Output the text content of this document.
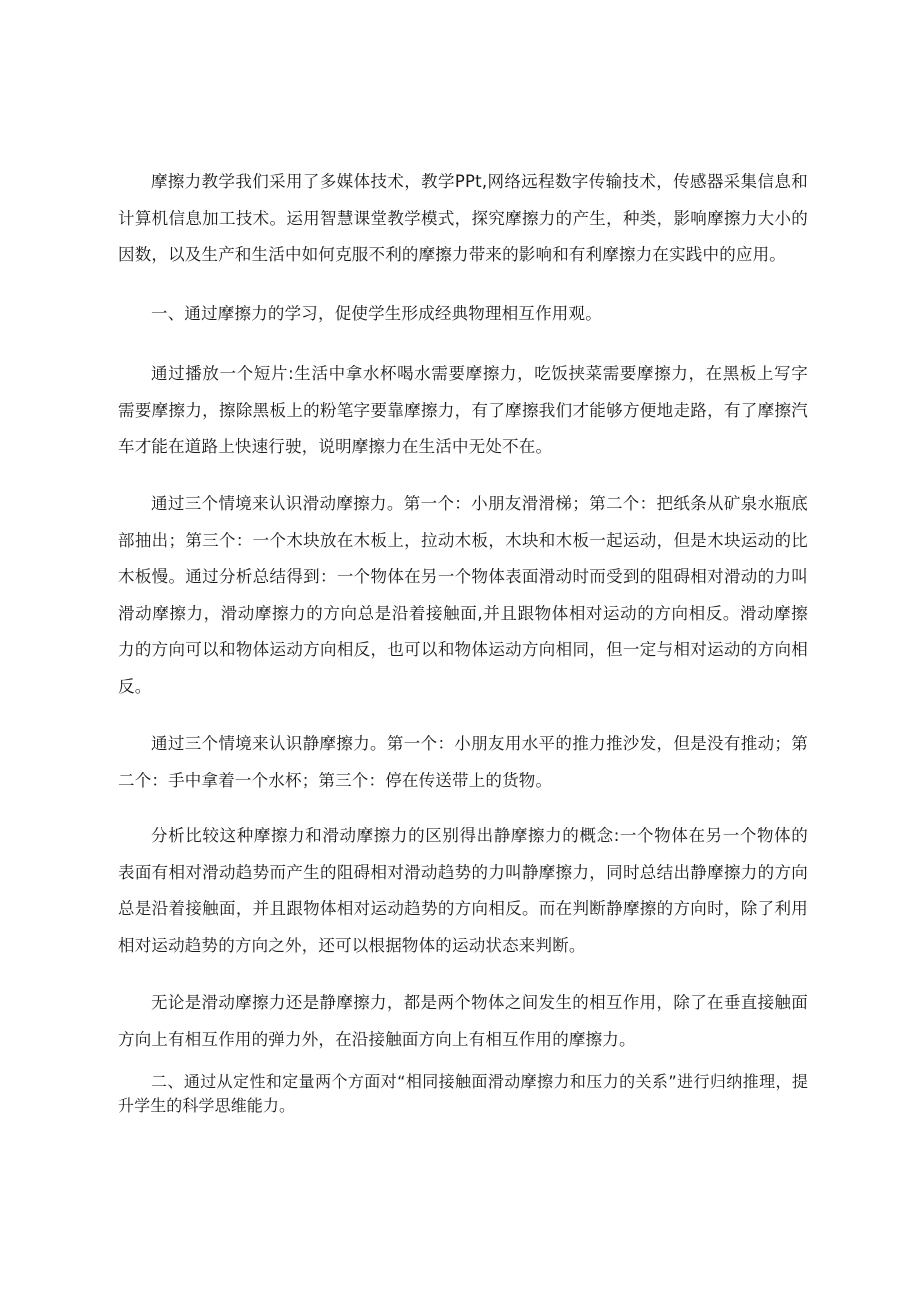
摩擦力教学我们采用了多媒体技术，教学PPt,网络远程数字传输技术，传感器采集信息和计算机信息加工技术。运用智慧课堂教学模式，探究摩擦力的产生，种类，影响摩擦力大小的因数，以及生产和生活中如何克服不利的摩擦力带来的影响和有利摩擦力在实践中的应用。

一、通过摩擦力的学习，促使学生形成经典物理相互作用观。

通过播放一个短片:生活中拿水杯喝水需要摩擦力，吃饭挟菜需要摩擦力，在黑板上写字需要摩擦力，擦除黑板上的粉笔字要靠摩擦力，有了摩擦我们才能够方便地走路，有了摩擦汽车才能在道路上快速行驶，说明摩擦力在生活中无处不在。

通过三个情境来认识滑动摩擦力。第一个：小朋友滑滑梯；第二个：把纸条从矿泉水瓶底部抽出；第三个：一个木块放在木板上，拉动木板，木块和木板一起运动，但是木块运动的比木板慢。通过分析总结得到：一个物体在另一个物体表面滑动时而受到的阻碍相对滑动的力叫滑动摩擦力，滑动摩擦力的方向总是沿着接触面,并且跟物体相对运动的方向相反。滑动摩擦力的方向可以和物体运动方向相反，也可以和物体运动方向相同，但一定与相对运动的方向相反。

通过三个情境来认识静摩擦力。第一个：小朋友用水平的推力推沙发，但是没有推动；第二个：手中拿着一个水杯；第三个：停在传送带上的货物。

分析比较这种摩擦力和滑动摩擦力的区别得出静摩擦力的概念:一个物体在另一个物体的表面有相对滑动趋势而产生的阻碍相对滑动趋势的力叫静摩擦力，同时总结出静摩擦力的方向总是沿着接触面，并且跟物体相对运动趋势的方向相反。而在判断静摩擦的方向时，除了利用相对运动趋势的方向之外，还可以根据物体的运动状态来判断。

无论是滑动摩擦力还是静摩擦力，都是两个物体之间发生的相互作用，除了在垂直接触面方向上有相互作用的弹力外，在沿接触面方向上有相互作用的摩擦力。

二、通过从定性和定量两个方面对“相同接触面滑动摩擦力和压力的关系”进行归纳推理，提升学生的科学思维能力。
